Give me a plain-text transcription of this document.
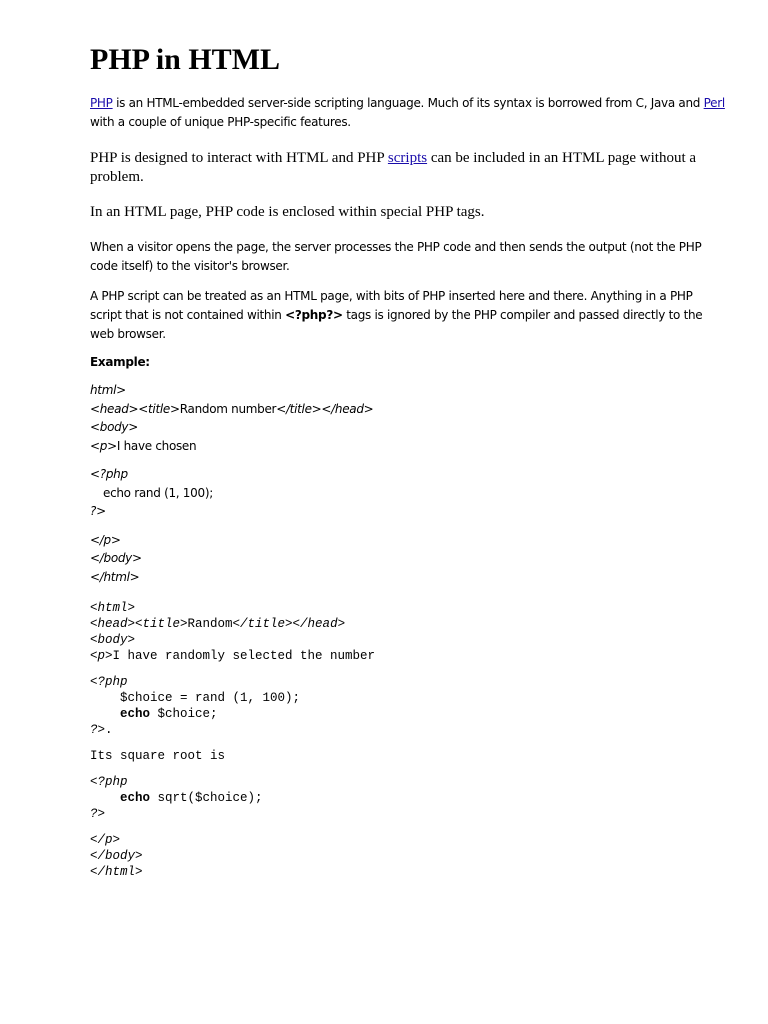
PHP in HTML

PHP is an HTML-embedded server-side scripting language. Much of its syntax is borrowed from C, Java and Perl
with a couple of unique PHP-specific features.

PHP is designed to interact with HTML and PHP scripts can be included in an HTML page without a problem.

In an HTML page, PHP code is enclosed within special PHP tags.

When a visitor opens the page, the server processes the PHP code and then sends the output (not the PHP code itself) to the visitor's browser.

A PHP script can be treated as an HTML page, with bits of PHP inserted here and there. Anything in a PHP script that is not contained within <?php?> tags is ignored by the PHP compiler and passed directly to the web browser.

Example:

html>
<head><title>Random number</title></head>
<body>
<p>I have chosen
<?php
echo rand (1, 100);
?>
</p>
</body>
</html>
<html>
<head><title>Random</title></head>
<body>
<p>I have randomly selected the number
<?php
$choice = rand (1, 100);
echo $choice;
?>.
Its square root is
<?php
echo sqrt($choice);
?>
</p>
</body>
</html>
